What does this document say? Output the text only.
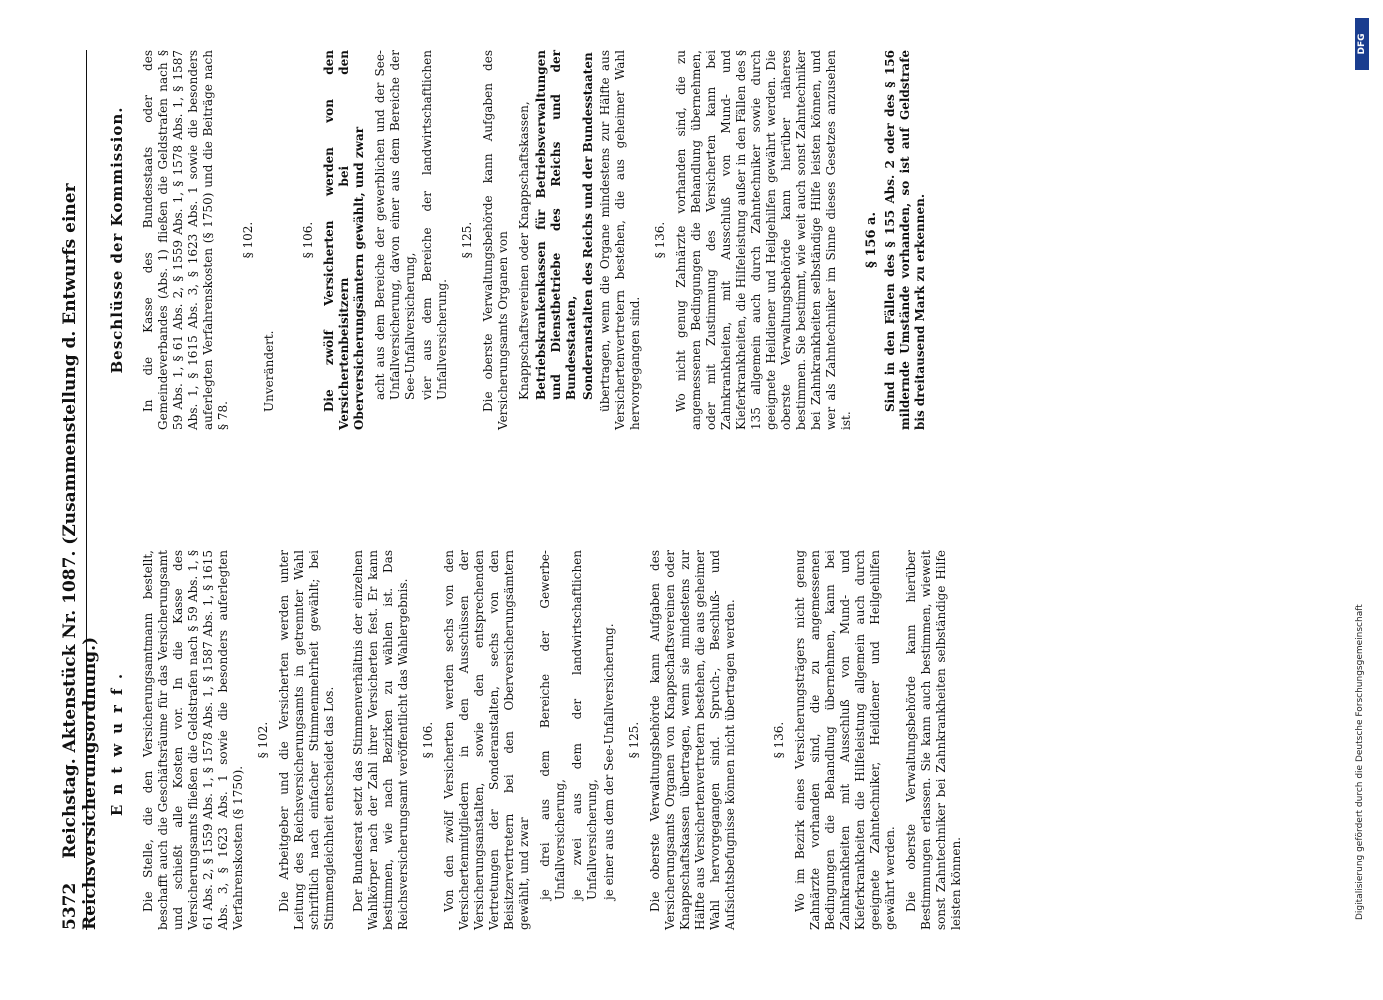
5372 Reichstag. Aktenstück Nr. 1087. (Zusammenstellung d. Entwurfs einer Reichsversicherungsordnung.) Entwurf. Die Stelle, die den Versicherungsamtmann bestellt, beschafft auch die Geschäftsräume für das Versicherungsamt und schießt alle Kosten vor. In die Kasse des Versicherungsamts fließen die Geldstrafen nach § 59 Abs. 1, § 61 Abs. 2, § 1559 Abs. 1, § 1578 Abs. 1, § 1587 Abs. 1, § 1615 Abs. 3, § 1623 Abs. 1 sowie die besonders auferlegten Verfahrenskosten (§ 1750).

§ 102. Die Arbeitgeber und die Versicherten werden unter Leitung des Reichsversicherungsamts in getrennter Wahl schriftlich nach einfacher Stimmenmehrheit gewählt; bei Stimmengleichheit entscheidet das Los. Der Bundesrat setzt das Stimmenverhältnis der einzelnen Wahlkörper nach der Zahl ihrer Versicherten fest. Er kann bestimmen, wie nach Bezirken zu wählen ist. Das Reichsversicherungsamt veröffentlicht das Wahlergebnis. § 106. Von den zwölf Versicherten werden sechs von den Versichertenmitgliedern in den Ausschüssen der Versicherungsanstalten, sowie den entsprechenden Vertretungen der Sonderanstalten, sechs von den Beisitzervertretern bei den Oberversicherungsämtern gewählt, und zwar je drei aus dem Bereiche der Gewerbe-Unfallversicherung, je zwei aus dem der landwirtschaftlichen Unfallversicherung, je einer aus dem der See-Unfallversicherung. § 125. Die oberste Verwaltungsbehörde kann Aufgaben des Versicherungsamts Organen von Knappschaftsvereinen oder Knappschaftskassen übertragen, wenn sie mindestens zur Hälfte aus Versichertenvertretern bestehen, die aus geheimer Wahl hervorgegangen sind. Spruch-, Beschluß- und Aufsichtsbefugnisse können nicht übertragen werden.	§ 136. Wo im Bezirk eines Versicherungsträgers nicht genug Zahnärzte vorhanden sind, die zu angemessenen Bedingungen die Behandlung übernehmen, kann bei Zahnkrankheiten mit Ausschluß von Mund- und Kieferkrankheiten die Hilfeleistung allgemein auch durch geeignete Zahntechniker, Heildiener und Heilgehilfen gewährt werden. Die oberste Verwaltungsbehörde kann hierüber Bestimmungen erlassen. Sie kann auch bestimmen, wieweit sonst Zahntechniker bei Zahnkrankheiten selbständige Hilfe leisten können.

Beschlüsse der Kommission. In die Kasse des Bundesstaats oder des Gemeindeverbandes (Abs. 1) fließen die Geldstrafen nach § 59 Abs. 1, § 61 Abs. 2, § 1559 Abs. 1, § 1578 Abs. 1, § 1587 Abs. 1, § 1615 Abs. 3, § 1623 Abs. 1 sowie die besonders auferlegten Verfahrenskosten (§ 1750) und die Beiträge nach § 78.

§ 102.

Unverändert.

§ 106. Die zwölf Versicherten werden von den Versichertenbeisitzern bei den Oberversicherungsämtern gewählt, und zwar acht aus dem Bereiche der gewerblichen und der See-Unfallversicherung, davon einer aus dem Bereiche der See-Unfallversicherung, vier aus dem Bereiche der landwirtschaftlichen Unfallversicherung.

§ 125. Die oberste Verwaltungsbehörde kann Aufgaben des Versicherungsamts Organen von Knappschaftsvereinen oder Knappschaftskassen, Betriebskrankenkassen für Betriebsverwaltungen und Dienstbetriebe des Reichs und der Bundesstaaten, Sonderanstalten des Reichs und der Bundesstaaten übertragen, wenn die Organe mindestens zur Hälfte aus Versichertenvertretern bestehen, die aus geheimer Wahl hervorgegangen sind.

§ 136. Wo nicht genug Zahnärzte vorhanden sind, die zu angemessenen Bedingungen die Behandlung übernehmen, oder mit Zustimmung des Versicherten kann bei Zahnkrankheiten, mit Ausschluß von Mund- und Kieferkrankheiten, die Hilfeleistung außer in den Fällen des § 135 allgemein auch durch Zahntechniker sowie durch geeignete Heildiener und Heilgehilfen gewährt werden. Die oberste Verwaltungsbehörde kann hierüber näheres bestimmen. Sie bestimmt, wie weit auch sonst Zahntechniker bei Zahnkrankheiten selbständige Hilfe leisten können, und wer als Zahntechniker im Sinne dieses Gesetzes anzusehen ist.

§ 156 a. Sind in den Fällen des § 155 Abs. 2 oder des § 156 mildernde Umstände vorhanden, so ist auf Geldstrafe bis dreitausend Mark zu erkennen.

Digitalisierung gefördert durch die Deutsche Forschungsgemeinschaft
DFG
